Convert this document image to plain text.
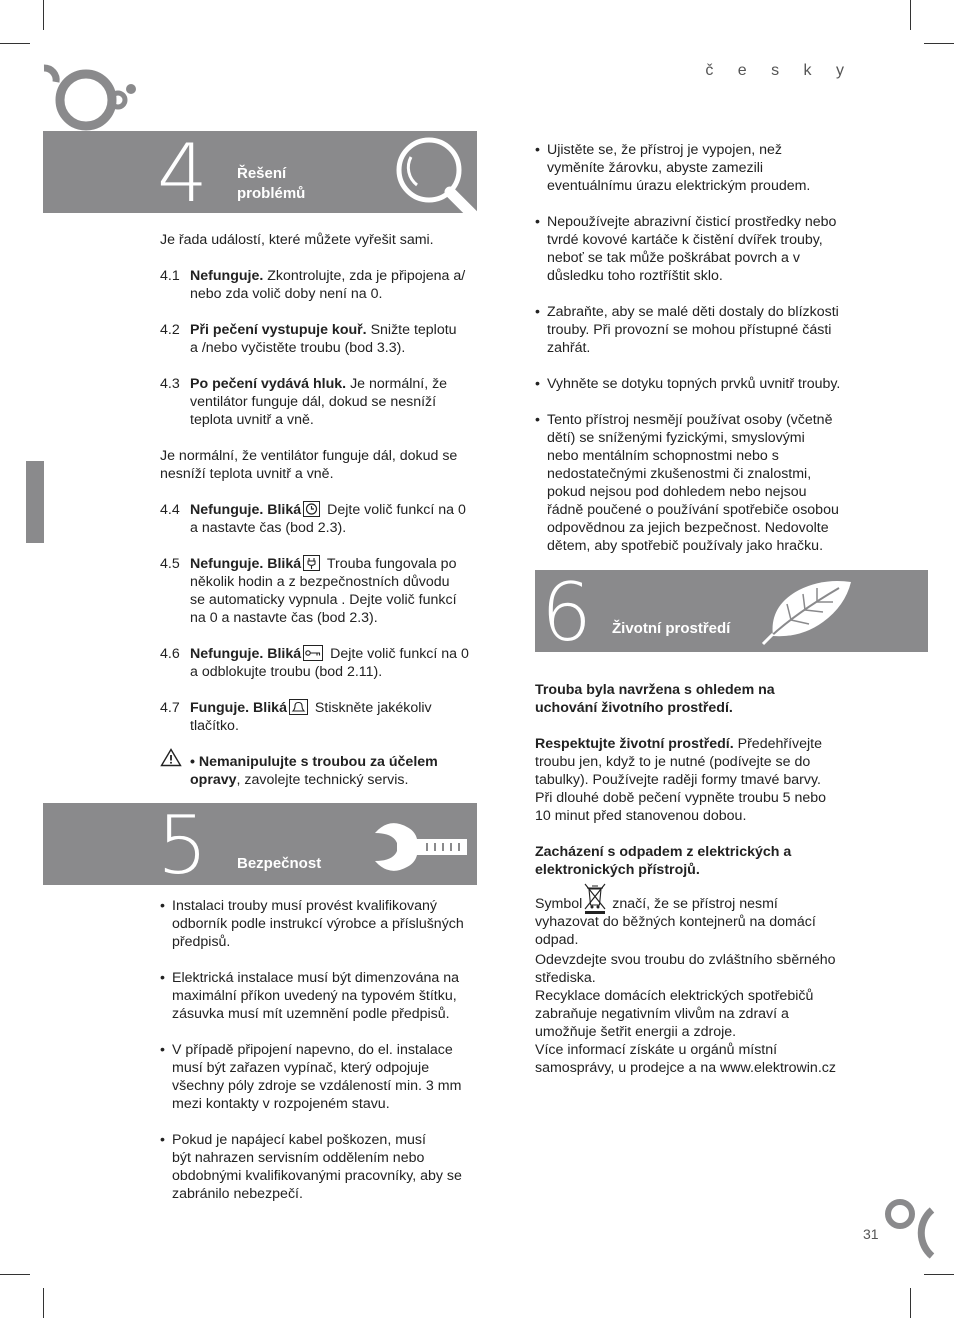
č e s k y
4 Řešení
problémů
Je řada událostí, které můžete vyřešit sami.
4.1 Nefunguje. Zkontrolujte, zda je připojena a/
nebo zda volič doby není na 0.
4.2 Při pečení vystupuje kouř. Snižte teplotu
a /nebo vyčistěte troubu (bod 3.3).
4.3 Po pečení vydává hluk. Je normální, že
ventilátor funguje dál, dokud se nesníží
teplota uvnitř a vně.
Je normální, že ventilátor funguje dál, dokud se
nesníží teplota uvnitř a vně.
4.4 Nefunguje. Bliká
Dejte volič funkcí na 0
a nastavte čas (bod 2.3).
4.5 Nefunguje. Bliká
Trouba fungovala po
několik hodin a z bezpečnostních důvodu
se automaticky vypnula . Dejte volič funkcí
na 0 a nastavte čas (bod 2.3).
4.6 Nefunguje. Bliká
Dejte volič funkcí na 0
a odblokujte troubu (bod 2.11).
4.7 Funguje. Bliká
Stiskněte jakékoliv
tlačítko.
• Nemanipulujte s troubou za účelem
opravy, zavolejte technický servis.
5 Bezpečnost
• Instalaci trouby musí provést kvalifikovaný
odborník podle instrukcí výrobce a příslušných
předpisů.
• Elektrická instalace musí být dimenzována na
maximální příkon uvedený na typovém štítku,
zásuvka musí mít uzemnění podle předpisů.
• V případě připojení napevno, do el. instalace
musí být zařazen vypínač, který odpojuje
všechny póly zdroje se vzdáleností min. 3 mm
mezi kontakty v rozpojeném stavu.
• Pokud je napájecí kabel poškozen, musí
být nahrazen servisním oddělením nebo
obdobnými kvalifikovanými pracovníky, aby se
zabránilo nebezpečí.
• Ujistěte se, že přístroj je vypojen, než
vyměníte žárovku, abyste zamezili
eventuálnímu úrazu elektrickým proudem.
• Nepoužívejte abrazivní čisticí prostředky nebo
tvrdé kovové kartáče k čistění dvířek trouby,
neboť se tak může poškrábat povrch a v
důsledku toho roztříštit sklo.
• Zabraňte, aby se malé děti dostaly do blízkosti
trouby. Při provozní se mohou přístupné části
zahřát.
• Vyhněte se dotyku topných prvků uvnitř trouby.
• Tento přístroj nesmějí používat osoby (včetně
dětí) se sníženými fyzickými, smyslovými
nebo mentálním schopnostmi nebo s
nedostatečnými zkušenostmi či znalostmi,
pokud nejsou pod dohledem nebo nejsou
řádně poučené o používání spotřebiče osobou
odpovědnou za jejich bezpečnost. Nedovolte
dětem, aby spotřebič používaly jako hračku.
6 Životní prostředí
Trouba byla navržena s ohledem na
uchování životního prostředí.
Respektujte životní prostředí. Předehřívejte
troubu jen, když to je nutné (podívejte se do
tabulky). Používejte raději formy tmavé barvy.
Při dlouhé době pečení vypněte troubu 5 nebo
10 minut před stanovenou dobou.
Zacházení s odpadem z elektrických a
elektronických přístrojů.
Symbol
značí, že se přístroj nesmí
vyhazovat do běžných kontejnerů na domácí
odpad.
Odevzdejte svou troubu do zvláštního sběrného
střediska.
Recyklace domácích elektrických spotřebičů
zabraňuje negativním vlivům na zdraví a
umožňuje šetřit energii a zdroje.
Více informací získáte u orgánů místní
samosprávy, u prodejce a na www.elektrowin.cz
31
